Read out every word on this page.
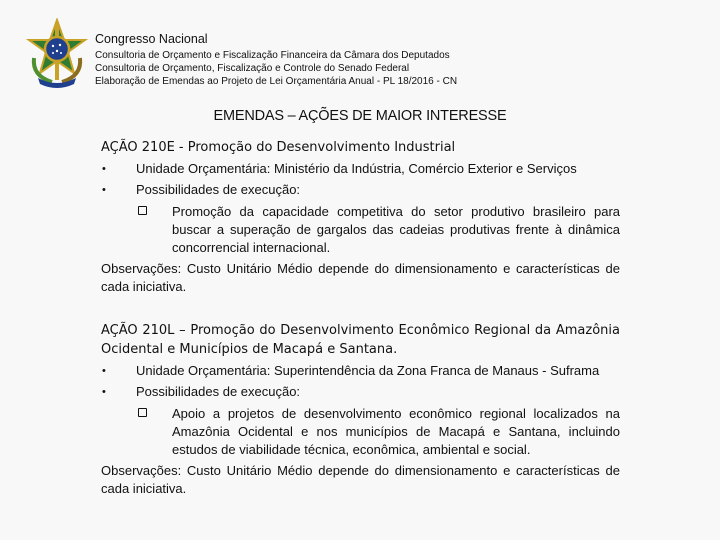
Congresso Nacional
Consultoria de Orçamento e Fiscalização Financeira da Câmara dos Deputados
Consultoria de Orçamento, Fiscalização e Controle do Senado Federal
Elaboração de Emendas ao Projeto de Lei Orçamentária Anual - PL 18/2016 - CN
EMENDAS – AÇÕES DE MAIOR INTERESSE
AÇÃO 210E - Promoção do Desenvolvimento Industrial
• Unidade Orçamentária: Ministério da Indústria, Comércio Exterior e Serviços
• Possibilidades de execução:
Promoção da capacidade competitiva do setor produtivo brasileiro para buscar a superação de gargalos das cadeias produtivas frente à dinâmica concorrencial internacional.
Observações: Custo Unitário Médio depende do dimensionamento e características de cada iniciativa.
AÇÃO 210L – Promoção do Desenvolvimento Econômico Regional da Amazônia Ocidental e Municípios de Macapá e Santana.
• Unidade Orçamentária: Superintendência da Zona Franca de Manaus - Suframa
• Possibilidades de execução:
Apoio a projetos de desenvolvimento econômico regional localizados na Amazônia Ocidental e nos municípios de Macapá e Santana, incluindo estudos de viabilidade técnica, econômica, ambiental e social.
Observações: Custo Unitário Médio depende do dimensionamento e características de cada iniciativa.
